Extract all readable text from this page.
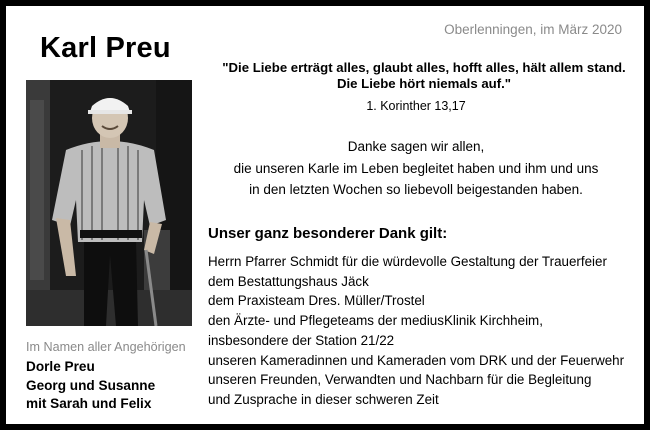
Karl Preu
Oberlenningen, im März 2020
"Die Liebe erträgt alles, glaubt alles, hofft alles, hält allem stand.
Die Liebe hört niemals auf."
1. Korinther 13,17
Danke sagen wir allen,
die unseren Karle im Leben begleitet haben und ihm und uns
in den letzten Wochen so liebevoll beigestanden haben.
Unser ganz besonderer Dank gilt:
Herrn Pfarrer Schmidt für die würdevolle Gestaltung der Trauerfeier
dem Bestattungshaus Jäck
dem Praxisteam Dres. Müller/Trostel
den Ärzte- und Pflegeteams der mediusKlinik Kirchheim,
insbesondere der Station 21/22
unseren Kameradinnen und Kameraden vom DRK und der Feuerwehr
unseren Freunden, Verwandten und Nachbarn für die Begleitung
und Zusprache in dieser schweren Zeit
Im Namen aller Angehörigen
Dorle Preu
Georg und Susanne
mit Sarah und Felix
